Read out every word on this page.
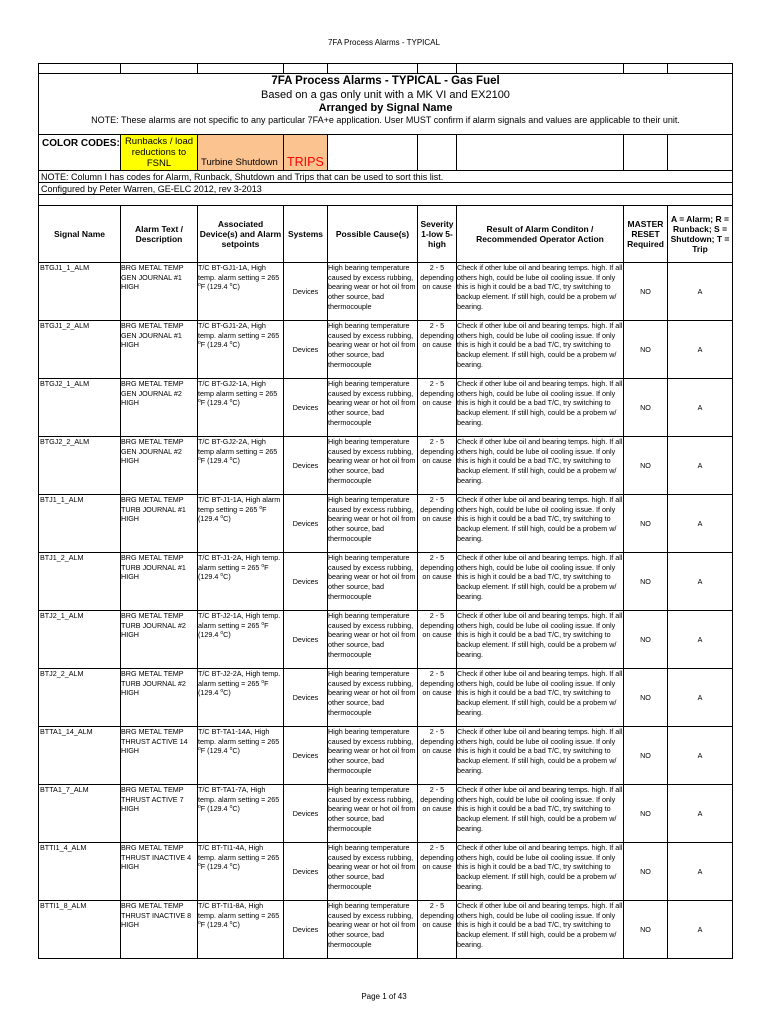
7FA Process Alarms - TYPICAL

7FA Process Alarms - TYPICAL - Gas Fuel								
Based on a gas only unit with a MK VI and EX2100								
Arranged by Signal Name								
NOTE: These alarms are not specific to any particular 7FA+e application. User MUST confirm if alarm signals and values are applicable to their unit.								

COLOR CODES:	Runbacks / load reductions to FSNL	Turbine Shutdown	TRIPS					
NOTE: Column I has codes for Alarm, Runback, Shutdown and Trips that can be used to sort this list.								
Configured by Peter Warren, GE-ELC 2012, rev 3-2013								

Signal Name	Alarm Text / Description	Associated Device(s) and Alarm setpoints	Systems	Possible Cause(s)	Severity 1-low 5-high	Result of Alarm Conditon / Recommended Operator Action	MASTER RESET Required	A = Alarm; R = Runback; S = Shutdown; T = Trip
BTGJ1_1_ALM	BRG METAL TEMP GEN JOURNAL #1 HIGH	T/C BT-GJ1-1A, High temp. alarm setting = 265 $^o$F (129.4 $^o$C)	Devices	High bearing temperature caused by excess rubbing, bearing wear or hot oil from other source, bad thermocouple	2 - 5 depending on cause	Check if other lube oil and bearing temps. high. If all others high, could be lube oil cooling issue. If only this is high it could be a bad T/C, try switching to backup element. If still high, could be a probem w/ bearing.	NO	A
BTGJ1_2_ALM	BRG METAL TEMP GEN JOURNAL #1 HIGH	T/C BT-GJ1-2A, High temp. alarm setting = 265 $^o$F (129.4 $^o$C)	Devices	High bearing temperature caused by excess rubbing, bearing wear or hot oil from other source, bad thermocouple	2 - 5 depending on cause	Check if other lube oil and bearing temps. high. If all others high, could be lube oil cooling issue. If only this is high it could be a bad T/C, try switching to backup element. If still high, could be a probem w/ bearing.	NO	A
BTGJ2_1_ALM	BRG METAL TEMP GEN JOURNAL #2 HIGH	T/C BT-GJ2-1A, High temp alarm setting = 265 $^o$F (129.4 $^o$C)	Devices	High bearing temperature caused by excess rubbing, bearing wear or hot oil from other source, bad thermocouple	2 - 5 depending on cause	Check if other lube oil and bearing temps. high. If all others high, could be lube oil cooling issue. If only this is high it could be a bad T/C, try switching to backup element. If still high, could be a probem w/ bearing.	NO	A
BTGJ2_2_ALM	BRG METAL TEMP GEN JOURNAL #2 HIGH	T/C BT-GJ2-2A, High temp alarm setting = 265 $^o$F (129.4 $^o$C)	Devices	High bearing temperature caused by excess rubbing, bearing wear or hot oil from other source, bad thermocouple	2 - 5 depending on cause	Check if other lube oil and bearing temps. high. If all others high, could be lube oil cooling issue. If only this is high it could be a bad T/C, try switching to backup element. If still high, could be a probem w/ bearing.	NO	A
BTJ1_1_ALM	BRG METAL TEMP TURB JOURNAL #1 HIGH	T/C BT-J1-1A, High alarm temp setting = 265 $^o$F (129.4 $^o$C)	Devices	High bearing temperature caused by excess rubbing, bearing wear or hot oil from other source, bad thermocouple	2 - 5 depending on cause	Check if other lube oil and bearing temps. high. If all others high, could be lube oil cooling issue. If only this is high it could be a bad T/C, try switching to backup element. If still high, could be a probem w/ bearing.	NO	A
BTJ1_2_ALM	BRG METAL TEMP TURB JOURNAL #1 HIGH	T/C BT-J1-2A, High temp. alarm setting = 265 $^o$F (129.4 $^o$C)	Devices	High bearing temperature caused by excess rubbing, bearing wear or hot oil from other source, bad thermocouple	2 - 5 depending on cause	Check if other lube oil and bearing temps. high. If all others high, could be lube oil cooling issue. If only this is high it could be a bad T/C, try switching to backup element. If still high, could be a probem w/ bearing.	NO	A
BTJ2_1_ALM	BRG METAL TEMP TURB JOURNAL #2 HIGH	T/C BT-J2-1A, High temp. alarm setting = 265 $^o$F (129.4 $^o$C)	Devices	High bearing temperature caused by excess rubbing, bearing wear or hot oil from other source, bad thermocouple	2 - 5 depending on cause	Check if other lube oil and bearing temps. high. If all others high, could be lube oil cooling issue. If only this is high it could be a bad T/C, try switching to backup element. If still high, could be a probem w/ bearing.	NO	A
BTJ2_2_ALM	BRG METAL TEMP TURB JOURNAL #2 HIGH	T/C BT-J2-2A, High temp. alarm setting = 265 $^o$F (129.4 $^o$C)	Devices	High bearing temperature caused by excess rubbing, bearing wear or hot oil from other source, bad thermocouple	2 - 5 depending on cause	Check if other lube oil and bearing temps. high. If all others high, could be lube oil cooling issue. If only this is high it could be a bad T/C, try switching to backup element. If still high, could be a probem w/ bearing.	NO	A
BTTA1_14_ALM	BRG METAL TEMP THRUST ACTIVE 14 HIGH	T/C BT-TA1-14A, High temp. alarm setting = 265 $^o$F (129.4 $^o$C)	Devices	High bearing temperature caused by excess rubbing, bearing wear or hot oil from other source, bad thermocouple	2 - 5 depending on cause	Check if other lube oil and bearing temps. high. If all others high, could be lube oil cooling issue. If only this is high it could be a bad T/C, try switching to backup element. If still high, could be a probem w/ bearing.	NO	A
BTTA1_7_ALM	BRG METAL TEMP THRUST ACTIVE 7 HIGH	T/C BT-TA1-7A, High temp. alarm setting = 265 $^o$F (129.4 $^o$C)	Devices	High bearing temperature caused by excess rubbing, bearing wear or hot oil from other source, bad thermocouple	2 - 5 depending on cause	Check if other lube oil and bearing temps. high. If all others high, could be lube oil cooling issue. If only this is high it could be a bad T/C, try switching to backup element. If still high, could be a probem w/ bearing.	NO	A
BTTI1_4_ALM	BRG METAL TEMP THRUST INACTIVE 4 HIGH	T/C BT-TI1-4A, High temp. alarm setting = 265 $^o$F (129.4 $^o$C)	Devices	High bearing temperature caused by excess rubbing, bearing wear or hot oil from other source, bad thermocouple	2 - 5 depending on cause	Check if other lube oil and bearing temps. high. If all others high, could be lube oil cooling issue. If only this is high it could be a bad T/C, try switching to backup element. If still high, could be a probem w/ bearing.	NO	A
BTTI1_8_ALM	BRG METAL TEMP THRUST INACTIVE 8 HIGH	T/C BT-TI1-8A, High temp. alarm setting = 265 $^o$F (129.4 $^o$C)	Devices	High bearing temperature caused by excess rubbing, bearing wear or hot oil from other source, bad thermocouple	2 - 5 depending on cause	Check if other lube oil and bearing temps. high. If all others high, could be lube oil cooling issue. If only this is high it could be a bad T/C, try switching to backup element. If still high, could be a probem w/ bearing.	NO	A
Page 1 of 43
